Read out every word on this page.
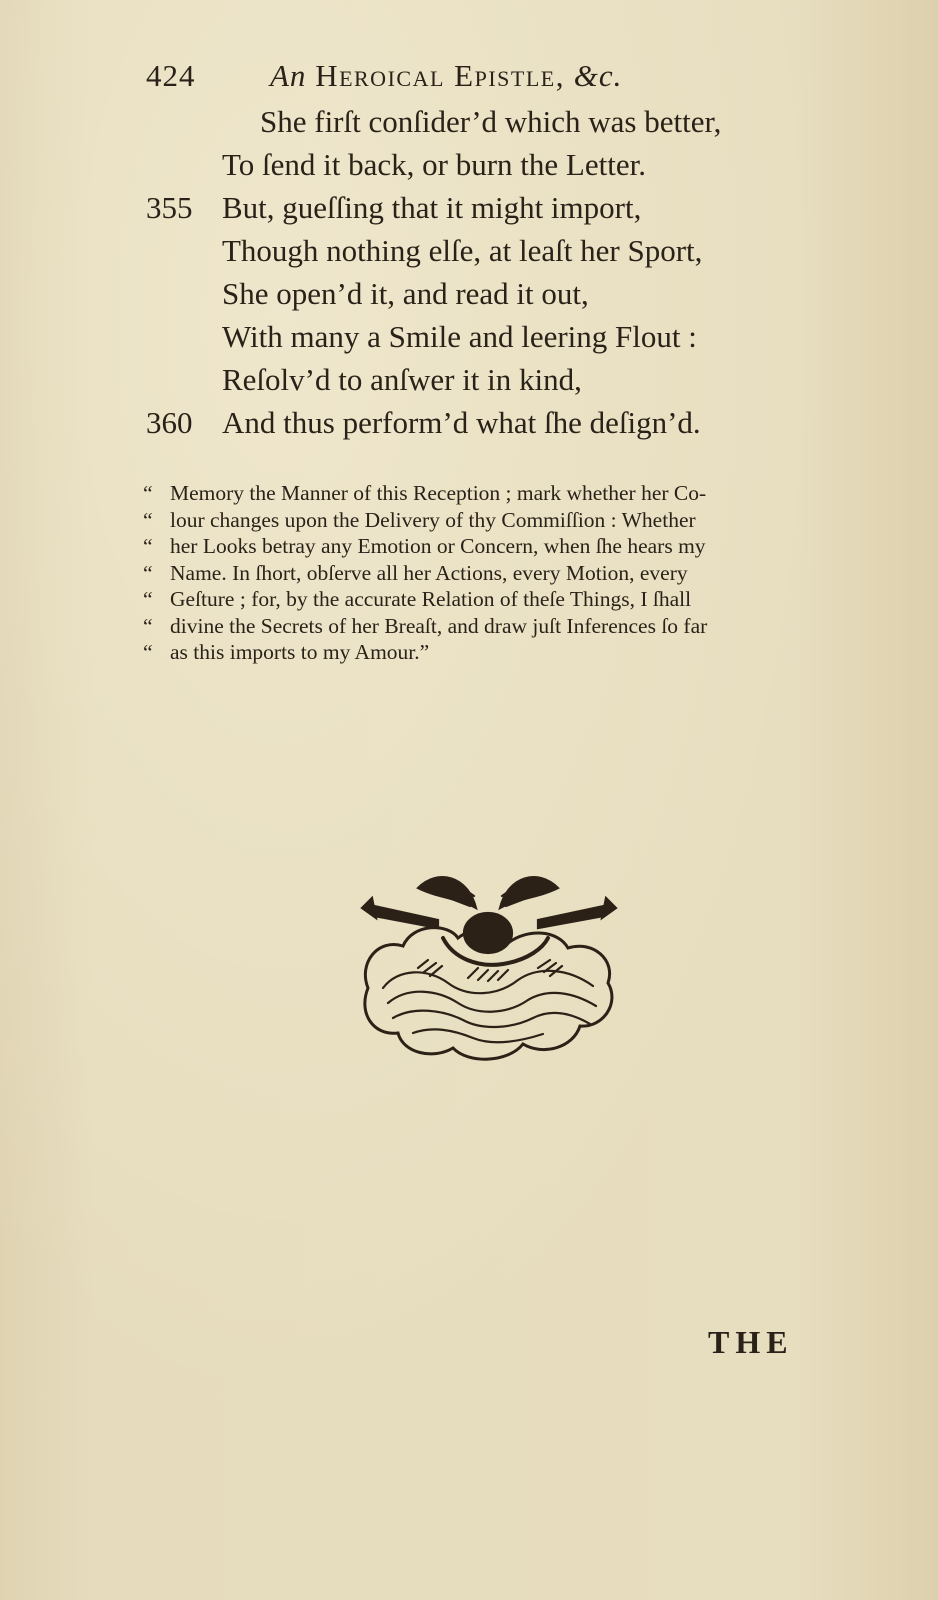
424 An Heroical Epistle, &c.
She firſt conſider’d which was better,
To ſend it back, or burn the Letter.
355 But, gueſſing that it might import,
Though nothing elſe, at leaſt her Sport,
She open’d it, and read it out,
With many a Smile and leering Flout :
Reſolv’d to anſwer it in kind,
360 And thus perform’d what ſhe deſign’d.
“ Memory the Manner of this Reception ; mark whether her Co-
“ lour changes upon the Delivery of thy Commiſſion : Whether
“ her Looks betray any Emotion or Concern, when ſhe hears my
“ Name. In ſhort, obſerve all her Actions, every Motion, every
“ Geſture ; for, by the accurate Relation of theſe Things, I ſhall
“ divine the Secrets of her Breaſt, and draw juſt Inferences ſo far
“ as this imports to my Amour.”
THE
